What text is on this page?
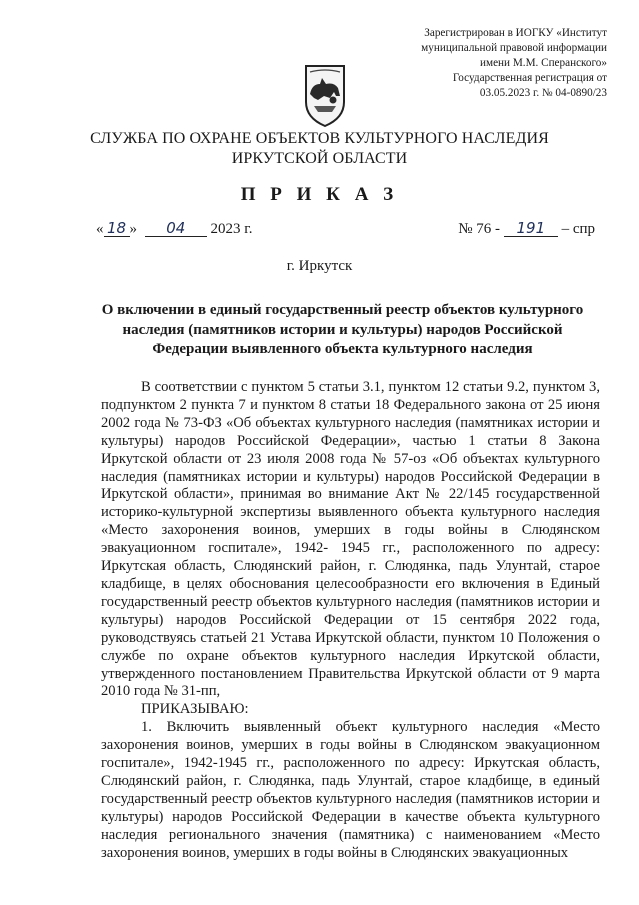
Зарегистрирован в ИОГКУ «Институт
муниципальной правовой информации
имени М.М. Сперанского»
Государственная регистрация от
03.05.2023 г. № 04-0890/23
СЛУЖБА ПО ОХРАНЕ ОБЪЕКТОВ КУЛЬТУРНОГО НАСЛЕДИЯ
ИРКУТСКОЙ ОБЛАСТИ
П Р И К А З
« 18 » 04 2023 г.	№ 76 - 191 – спр
г. Иркутск
О включении в единый государственный реестр объектов культурного наследия (памятников истории и культуры) народов Российской Федерации выявленного объекта культурного наследия

В соответствии с пунктом 5 статьи 3.1, пунктом 12 статьи 9.2, пунктом 3, подпунктом 2 пункта 7 и пунктом 8 статьи 18 Федерального закона от 25 июня 2002 года № 73-ФЗ «Об объектах культурного наследия (памятниках истории и культуры) народов Российской Федерации», частью 1 статьи 8 Закона Иркутской области от 23 июля 2008 года № 57-оз «Об объектах культурного наследия (памятниках истории и культуры) народов Российской Федерации в Иркутской области», принимая во внимание Акт № 22/145 государственной историко-культурной экспертизы выявленного объекта культурного наследия «Место захоронения воинов, умерших в годы войны в Слюдянском эвакуационном госпитале», 1942- 1945 гг., расположенного по адресу: Иркутская область, Слюдянский район, г. Слюдянка, падь Улунтай, старое кладбище, в целях обоснования целесообразности его включения в Единый государственный реестр объектов культурного наследия (памятников истории и культуры) народов Российской Федерации от 15 сентября 2022 года, руководствуясь статьей 21 Устава Иркутской области, пунктом 10 Положения о службе по охране объектов культурного наследия Иркутской области, утвержденного постановлением Правительства Иркутской области от 9 марта 2010 года № 31-пп,

ПРИКАЗЫВАЮ:

1. Включить выявленный объект культурного наследия «Место захоронения воинов, умерших в годы войны в Слюдянском эвакуационном госпитале», 1942-1945 гг., расположенного по адресу: Иркутская область, Слюдянский район, г. Слюдянка, падь Улунтай, старое кладбище, в единый государственный реестр объектов культурного наследия (памятников истории и культуры) народов Российской Федерации в качестве объекта культурного наследия регионального значения (памятника) с наименованием «Место захоронения воинов, умерших в годы войны в Слюдянских эвакуационных
